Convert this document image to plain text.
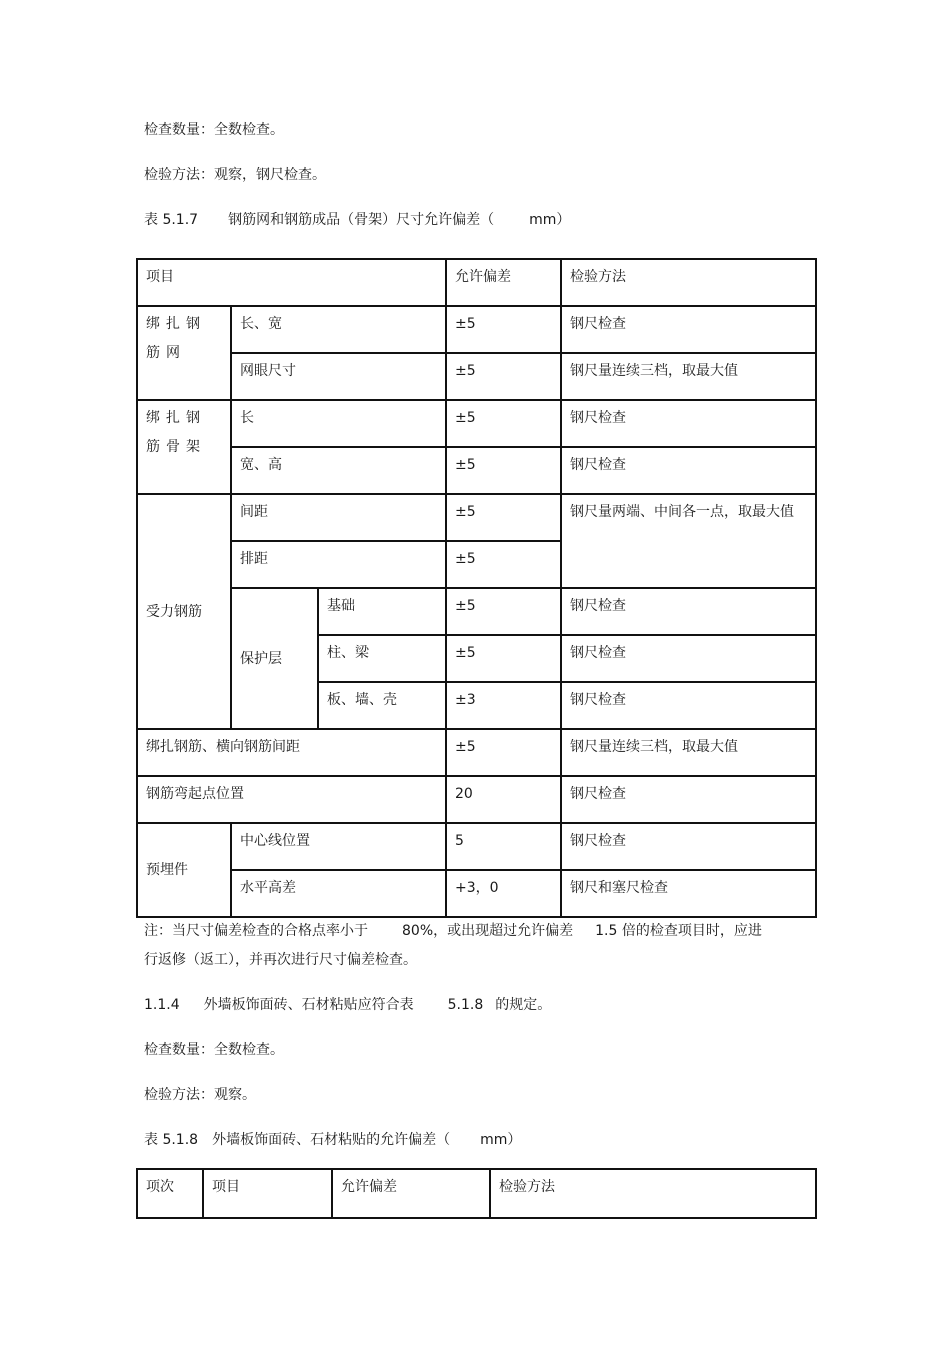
检查数量：全数检查。
检验方法：观察，钢尺检查。
表 5.1.7 钢筋网和钢筋成品（骨架）尺寸允许偏差（	mm）
项目			允许偏差	检验方法
绑扎钢筋网	长、宽		±5	钢尺检查
	网眼尺寸		±5	钢尺量连续三档，取最大值
绑扎钢筋骨架	长		±5	钢尺检查
	宽、高		±5	钢尺检查
受力钢筋	间距		±5	钢尺量两端、中间各一点，取最大值
	排距		±5	
	保护层	基础	±5	钢尺检查
		柱、梁	±5	钢尺检查
		板、墙、壳	±3	钢尺检查
绑扎钢筋、横向钢筋间距			±5	钢尺量连续三档，取最大值
钢筋弯起点位置			20	钢尺检查
预埋件	中心线位置		5	钢尺检查
	水平高差		+3，0	钢尺和塞尺检查
注：当尺寸偏差检查的合格点率小于 80%，或出现超过允许偏差 1.5 倍的检查项目时，应进
行返修（返工），并再次进行尺寸偏差检查。
1.1.4 外墙板饰面砖、石材粘贴应符合表 5.1.8 的规定。
检查数量：全数检查。
检验方法：观察。
表 5.1.8 外墙板饰面砖、石材粘贴的允许偏差（ mm）
项次	项目	允许偏差	检验方法
